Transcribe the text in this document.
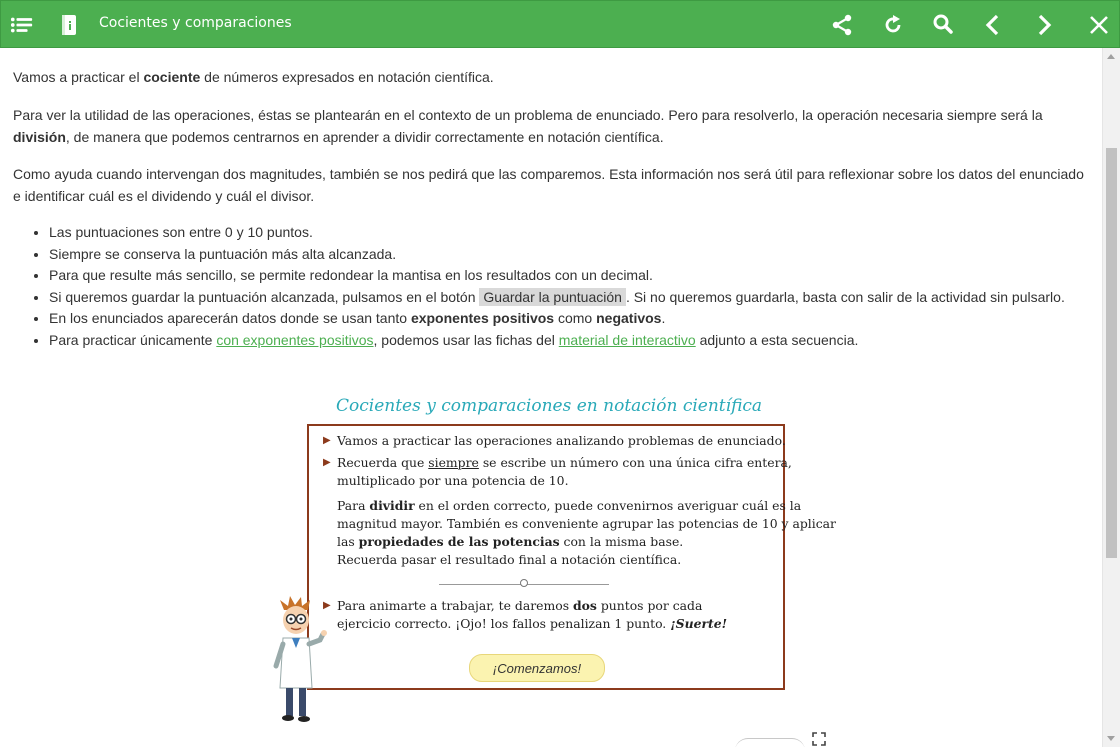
Cocientes y comparaciones
Vamos a practicar el cociente de números expresados en notación científica.
Para ver la utilidad de las operaciones, éstas se plantearán en el contexto de un problema de enunciado. Pero para resolverlo, la operación necesaria siempre será la división, de manera que podemos centrarnos en aprender a dividir correctamente en notación científica.
Como ayuda cuando intervengan dos magnitudes, también se nos pedirá que las comparemos. Esta información nos será útil para reflexionar sobre los datos del enunciado e identificar cuál es el dividendo y cuál el divisor.
• Las puntuaciones son entre 0 y 10 puntos.
• Siempre se conserva la puntuación más alta alcanzada.
• Para que resulte más sencillo, se permite redondear la mantisa en los resultados con un decimal.
• Si queremos guardar la puntuación alcanzada, pulsamos en el botón Guardar la puntuación . Si no queremos guardarla, basta con salir de la actividad sin pulsarlo.
• En los enunciados aparecerán datos donde se usan tanto exponentes positivos como negativos.
• Para practicar únicamente con exponentes positivos, podemos usar las fichas del material de interactivo adjunto a esta secuencia.
Cocientes y comparaciones en notación científica
▶ Vamos a practicar las operaciones analizando problemas de enunciado.
▶ Recuerda que siempre se escribe un número con una única cifra entera,
multiplicado por una potencia de 10.
Para dividir en el orden correcto, puede convenirnos averiguar cuál es la
magnitud mayor. También es conveniente agrupar las potencias de 10 y aplicar
las propiedades de las potencias con la misma base.
Recuerda pasar el resultado final a notación científica.
▶ Para animarte a trabajar, te daremos dos puntos por cada
ejercicio correcto. ¡Ojo! los fallos penalizan 1 punto. ¡Suerte!
¡Comenzamos!
